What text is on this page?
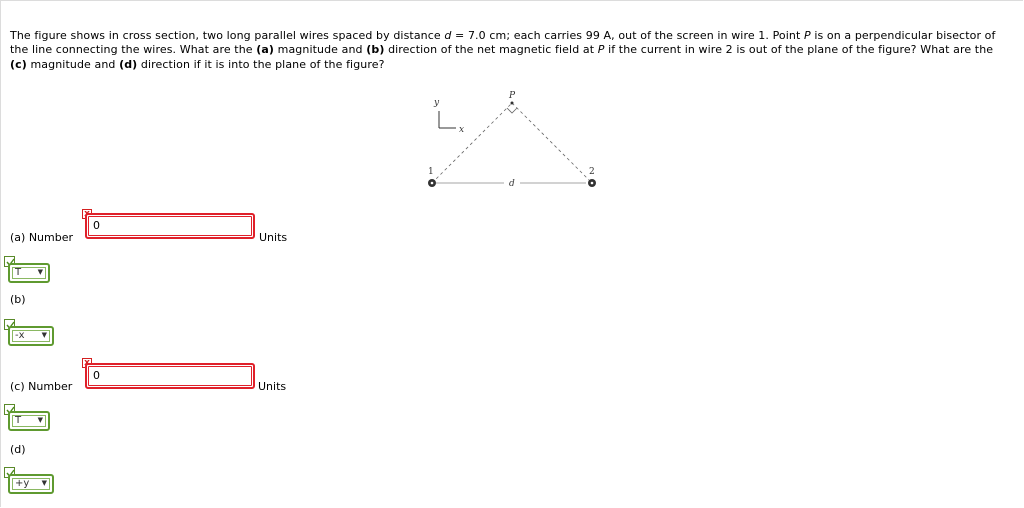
The figure shows in cross section, two long parallel wires spaced by distance d = 7.0 cm; each carries 99 A, out of the screen in wire 1. Point P is on a perpendicular bisector of the line connecting the wires. What are the (a) magnitude and (b) direction of the net magnetic field at P if the current in wire 2 is out of the plane of the figure? What are the (c) magnitude and (d) direction if it is into the plane of the figure?
y
x
P
d
1	2
(a) Number
0	Units
T ▼
(b)
-x ▼
(c) Number
0	Units
T ▼
(d)
+y ▼
